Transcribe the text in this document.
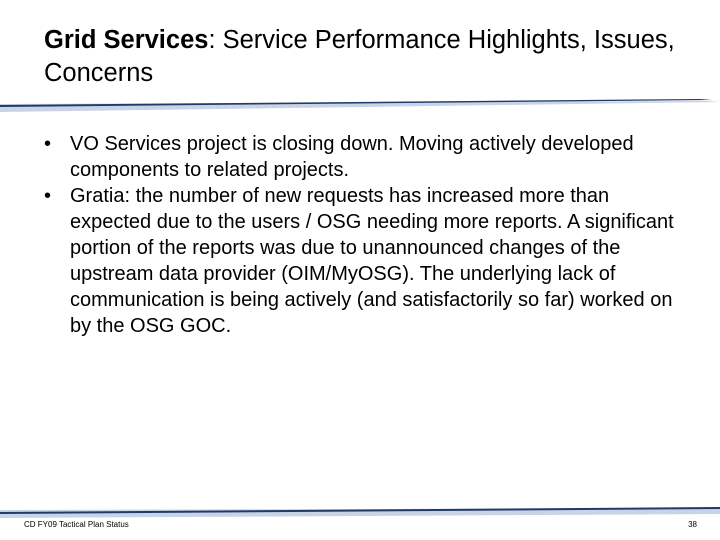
Grid Services: Service Performance Highlights, Issues, Concerns
• VO Services project is closing down. Moving actively developed components to related projects.
• Gratia: the number of new requests has increased more than expected due to the users / OSG needing more reports. A significant portion of the reports was due to unannounced changes of the upstream data provider (OIM/MyOSG). The underlying lack of communication is being actively (and satisfactorily so far) worked on by the OSG GOC.
CD FY09 Tactical Plan Status	38
